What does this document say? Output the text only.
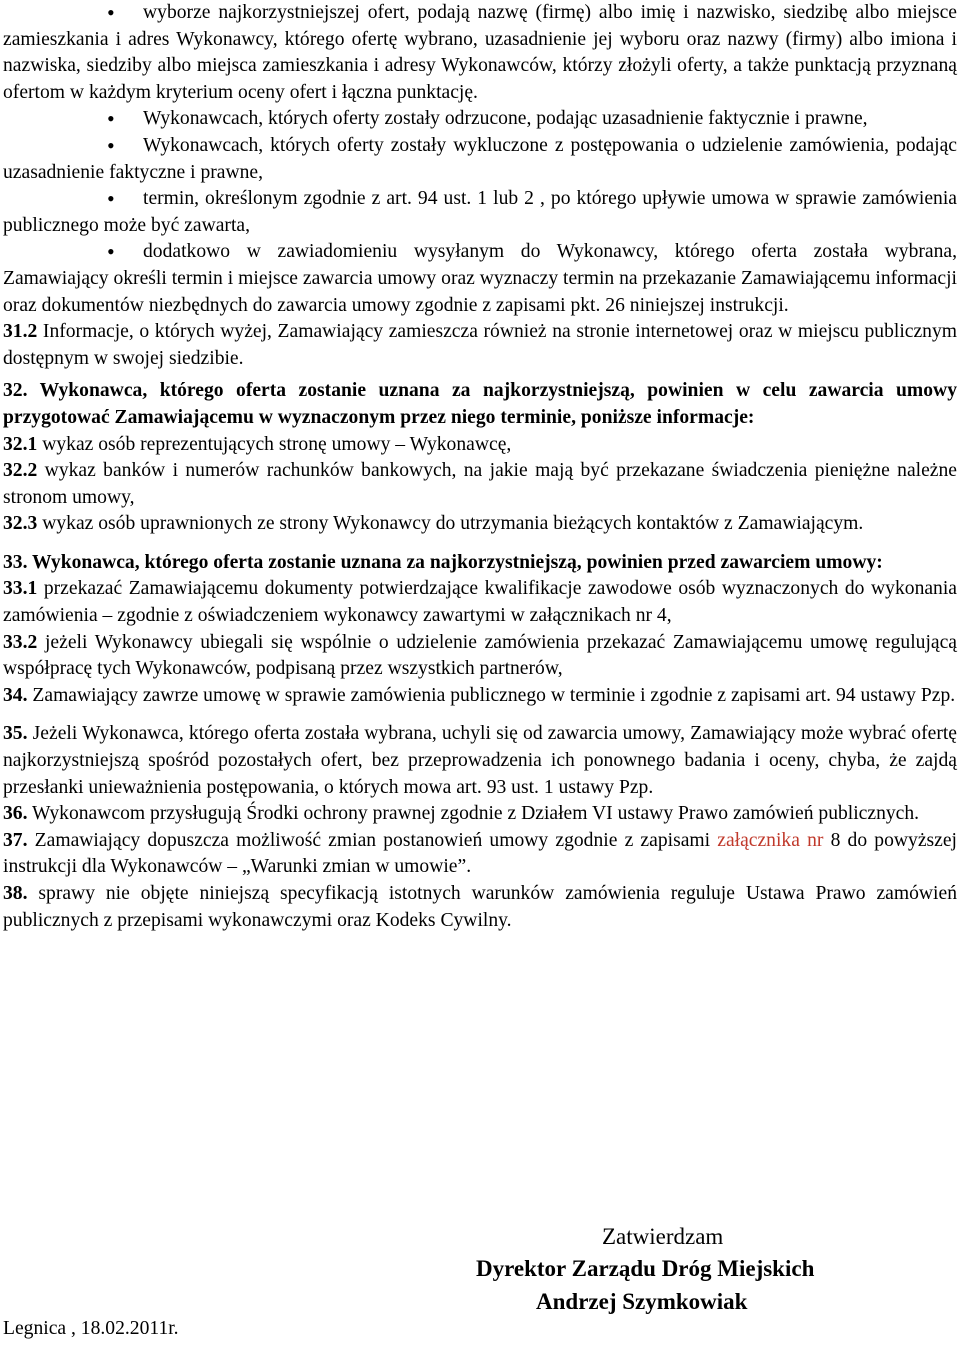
• wyborze najkorzystniejszej ofert, podają nazwę (firmę) albo imię i nazwisko, siedzibę albo miejsce zamieszkania i adres Wykonawcy, którego ofertę wybrano, uzasadnienie jej wyboru oraz nazwy (firmy) albo imiona i nazwiska, siedziby albo miejsca zamieszkania i adresy Wykonawców, którzy złożyli oferty, a także punktacją przyznaną ofertom w każdym kryterium oceny ofert i łączna punktację.

• Wykonawcach, których oferty zostały odrzucone, podając uzasadnienie faktycznie i prawne,

• Wykonawcach, których oferty zostały wykluczone z postępowania o udzielenie zamówienia, podając uzasadnienie faktyczne i prawne,

• termin, określonym zgodnie z art. 94 ust. 1 lub 2 , po którego upływie umowa w sprawie zamówienia publicznego może być zawarta,

• dodatkowo w zawiadomieniu wysyłanym do Wykonawcy, którego oferta została wybrana, Zamawiający określi termin i miejsce zawarcia umowy oraz wyznaczy termin na przekazanie Zamawiającemu informacji oraz dokumentów niezbędnych do zawarcia umowy zgodnie z zapisami pkt. 26 niniejszej instrukcji.

31.2 Informacje, o których wyżej, Zamawiający zamieszcza również na stronie internetowej oraz w miejscu publicznym dostępnym w swojej siedzibie.

32. Wykonawca, którego oferta zostanie uznana za najkorzystniejszą, powinien w celu zawarcia umowy przygotować Zamawiającemu w wyznaczonym przez niego terminie, poniższe informacje:

32.1 wykaz osób reprezentujących stronę umowy – Wykonawcę,

32.2 wykaz banków i numerów rachunków bankowych, na jakie mają być przekazane świadczenia pieniężne należne stronom umowy,

32.3 wykaz osób uprawnionych ze strony Wykonawcy do utrzymania bieżących kontaktów z Zamawiającym.

33. Wykonawca, którego oferta zostanie uznana za najkorzystniejszą, powinien przed zawarciem umowy:

33.1 przekazać Zamawiającemu dokumenty potwierdzające kwalifikacje zawodowe osób wyznaczonych do wykonania zamówienia – zgodnie z oświadczeniem wykonawcy zawartymi w załącznikach nr 4,

33.2 jeżeli Wykonawcy ubiegali się wspólnie o udzielenie zamówienia przekazać Zamawiającemu umowę regulującą współpracę tych Wykonawców, podpisaną przez wszystkich partnerów,

34. Zamawiający zawrze umowę w sprawie zamówienia publicznego w terminie i zgodnie z zapisami art. 94 ustawy Pzp.

35. Jeżeli Wykonawca, którego oferta została wybrana, uchyli się od zawarcia umowy, Zamawiający może wybrać ofertę najkorzystniejszą spośród pozostałych ofert, bez przeprowadzenia ich ponownego badania i oceny, chyba, że zajdą przesłanki unieważnienia postępowania, o których mowa art. 93 ust. 1 ustawy Pzp.

36. Wykonawcom przysługują Środki ochrony prawnej zgodnie z Działem VI ustawy Prawo zamówień publicznych.

37. Zamawiający dopuszcza możliwość zmian postanowień umowy zgodnie z zapisami załącznika nr 8 do powyższej instrukcji dla Wykonawców – „Warunki zmian w umowie”.

38. sprawy nie objęte niniejszą specyfikacją istotnych warunków zamówienia reguluje Ustawa Prawo zamówień publicznych z przepisami wykonawczymi oraz Kodeks Cywilny.

Zatwierdzam
Dyrektor Zarządu Dróg Miejskich
Andrzej Szymkowiak
Legnica , 18.02.2011r.
